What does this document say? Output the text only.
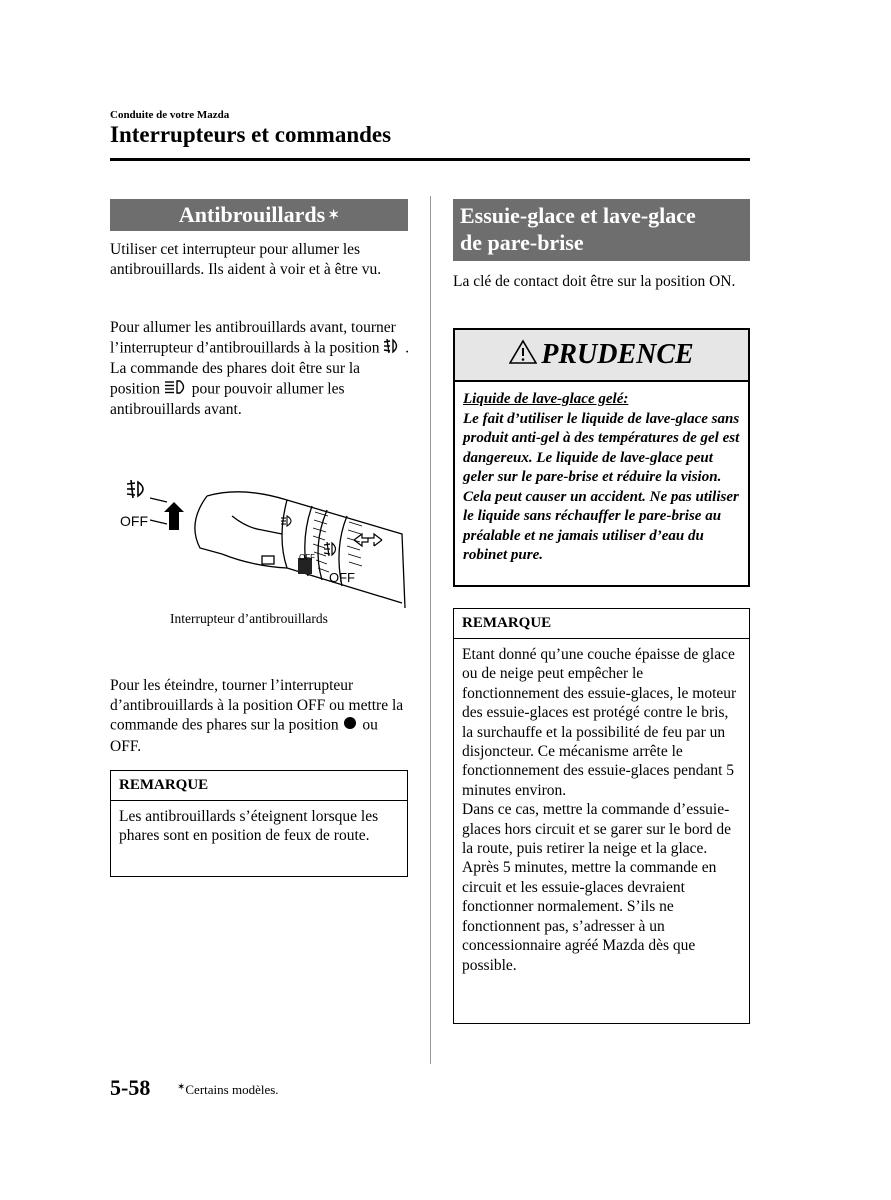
Conduite de votre Mazda
Interrupteurs et commandes
Antibrouillards ✶
Utiliser cet interrupteur pour allumer les antibrouillards. Ils aident à voir et à être vu.
Pour allumer les antibrouillards avant, tourner l’interrupteur d’antibrouillards à la position .
La commande des phares doit être sur la position pour pouvoir allumer les antibrouillards avant.
OFF
OFF
OFF
Interrupteur d’antibrouillards
Pour les éteindre, tourner l’interrupteur d’antibrouillards à la position OFF ou mettre la commande des phares sur la position ou OFF.
REMARQUE
Les antibrouillards s’éteignent lorsque les phares sont en position de feux de route.
Essuie-glace et lave-glace
de pare-brise
La clé de contact doit être sur la position ON.
PRUDENCE
Liquide de lave-glace gelé:
Le fait d’utiliser le liquide de lave-glace sans produit anti-gel à des températures de gel est dangereux. Le liquide de lave-glace peut geler sur le pare-brise et réduire la vision. Cela peut causer un accident. Ne pas utiliser le liquide sans réchauffer le pare-brise au préalable et ne jamais utiliser d’eau du robinet pure.
REMARQUE
Etant donné qu’une couche épaisse de glace ou de neige peut empêcher le fonctionnement des essuie-glaces, le moteur des essuie-glaces est protégé contre le bris, la surchauffe et la possibilité de feu par un disjoncteur. Ce mécanisme arrête le fonctionnement des essuie-glaces pendant 5 minutes environ.
Dans ce cas, mettre la commande d’essuie-glaces hors circuit et se garer sur le bord de la route, puis retirer la neige et la glace.
Après 5 minutes, mettre la commande en circuit et les essuie-glaces devraient fonctionner normalement. S’ils ne fonctionnent pas, s’adresser à un concessionnaire agréé Mazda dès que possible.
5-58	✶Certains modèles.
